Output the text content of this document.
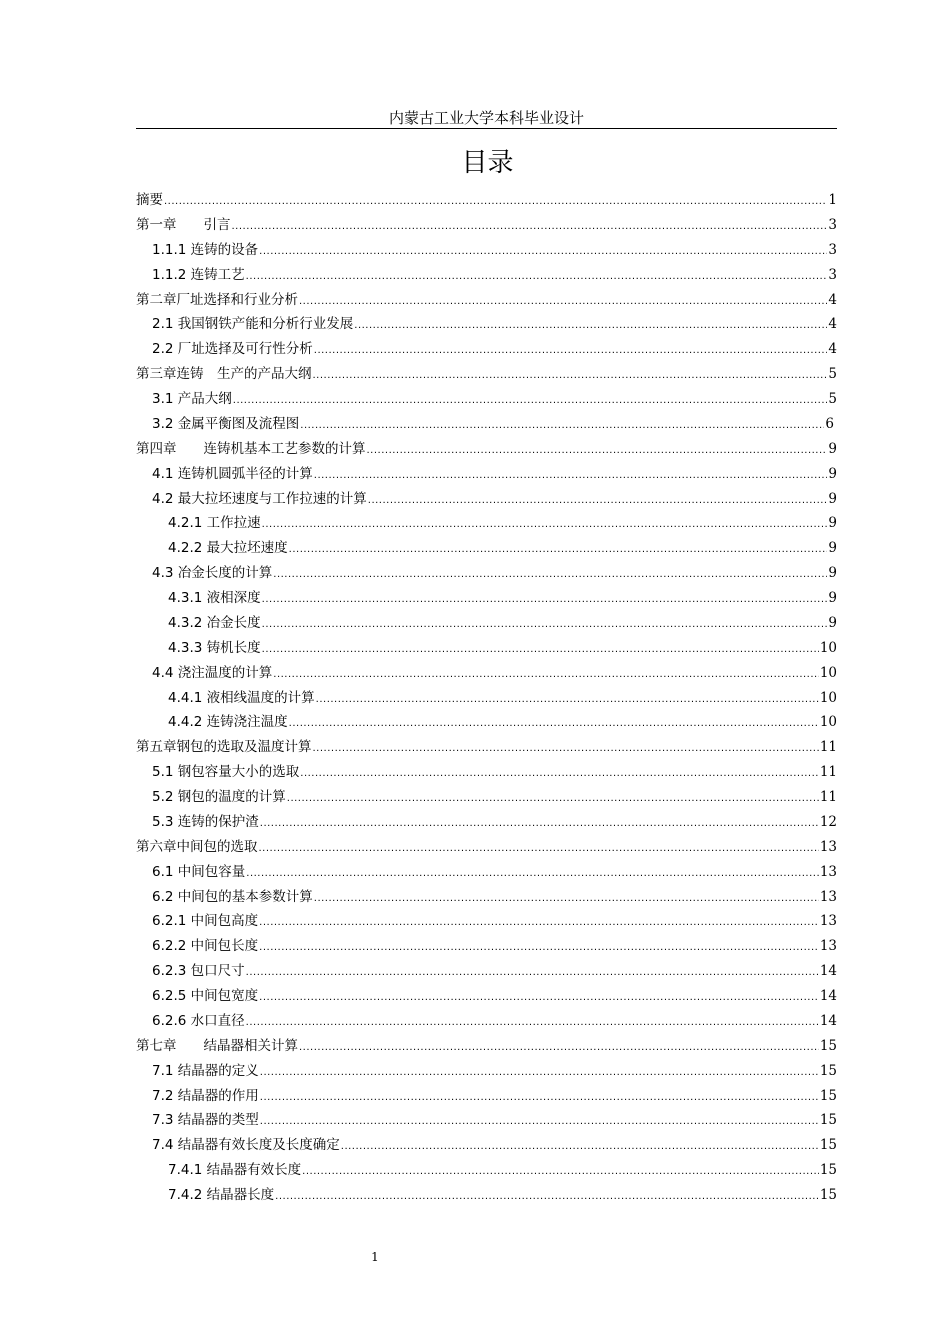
内蒙古工业大学本科毕业设计
目录
摘要 .....	1
第一章　　引言 .....	3
1.1.1 连铸的设备 .....	3
1.1.2 连铸工艺 .....	3
第二章厂址选择和行业分析 .....	4
2.1 我国钢铁产能和分析行业发展 .....	4
2.2 厂址选择及可行性分析 .....	4
第三章连铸　生产的产品大纲 .....	5
3.1 产品大纲 .....	5
3.2 金属平衡图及流程图 .....	6
第四章　　连铸机基本工艺参数的计算 .....	9
4.1 连铸机圆弧半径的计算 .....	9
4.2 最大拉坯速度与工作拉速的计算 .....	9
4.2.1 工作拉速 .....	9
4.2.2 最大拉坯速度 .....	9
4.3 冶金长度的计算 .....	9
4.3.1 液相深度 .....	9
4.3.2 冶金长度 .....	9
4.3.3 铸机长度 .....	10
4.4 浇注温度的计算 .....	10
4.4.1 液相线温度的计算 .....	10
4.4.2 连铸浇注温度 .....	10
第五章钢包的选取及温度计算 .....	11
5.1 钢包容量大小的选取 .....	11
5.2 钢包的温度的计算 .....	11
5.3 连铸的保护渣 .....	12
第六章中间包的选取 .....	13
6.1 中间包容量 .....	13
6.2 中间包的基本参数计算 .....	13
6.2.1 中间包高度 .....	13
6.2.2 中间包长度 .....	13
6.2.3 包口尺寸 .....	14
6.2.5 中间包宽度 .....	14
6.2.6 水口直径 .....	14
第七章　　结晶器相关计算 .....	15
7.1 结晶器的定义 .....	15
7.2 结晶器的作用 .....	15
7.3 结晶器的类型 .....	15
7.4 结晶器有效长度及长度确定 .....	15
7.4.1 结晶器有效长度 .....	15
7.4.2 结晶器长度 .....	15
1
